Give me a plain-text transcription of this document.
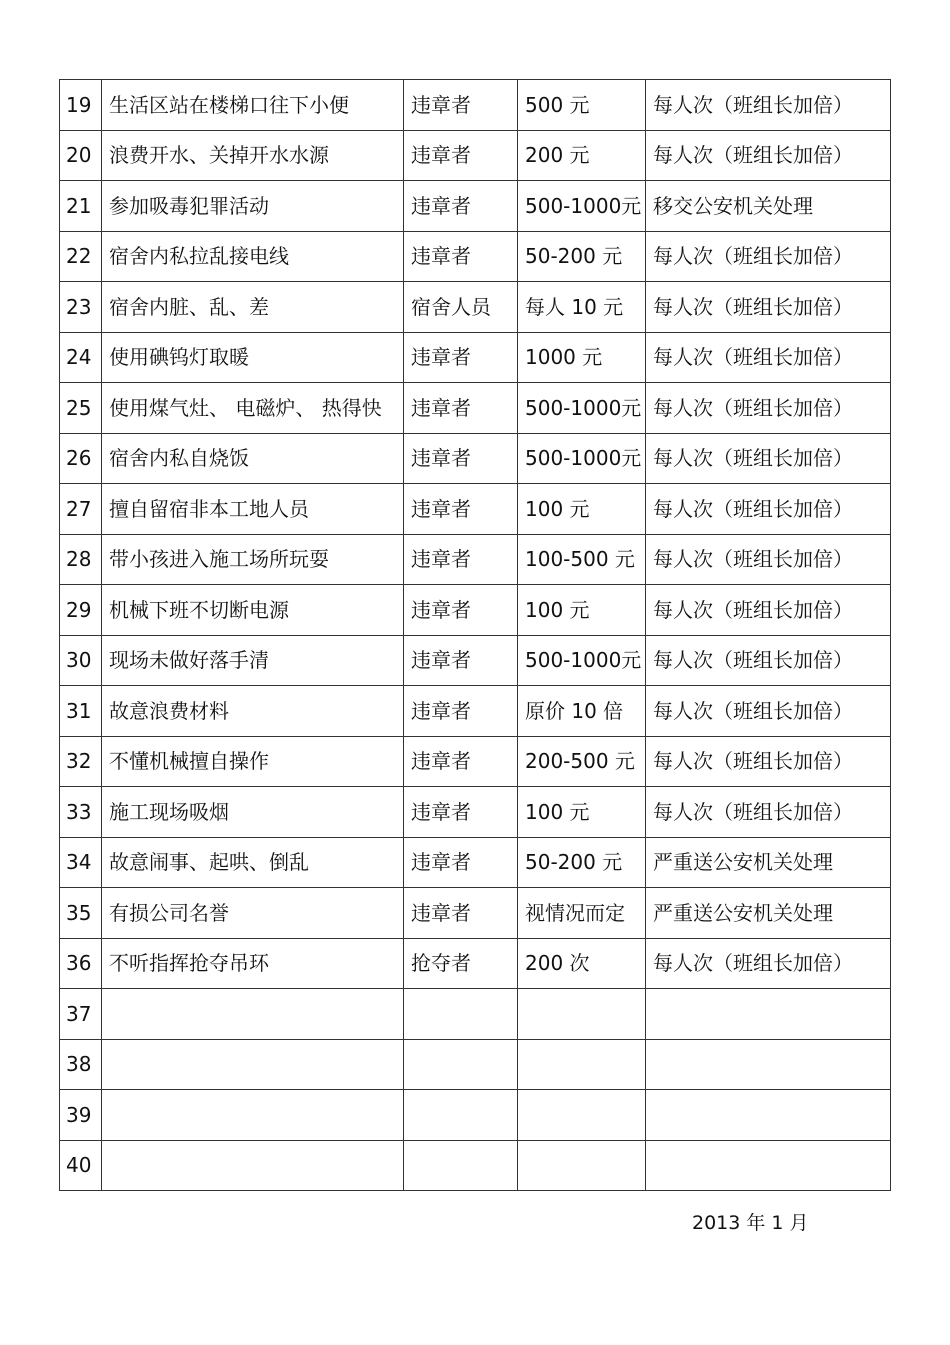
19	生活区站在楼梯口往下小便	违章者	500 元	每人次（班组长加倍）
20	浪费开水、关掉开水水源	违章者	200 元	每人次（班组长加倍）
21	参加吸毒犯罪活动	违章者	500-1000元	移交公安机关处理
22	宿舍内私拉乱接电线	违章者	50-200 元	每人次（班组长加倍）
23	宿舍内脏、乱、差	宿舍人员	每人 10 元	每人次（班组长加倍）
24	使用碘钨灯取暖	违章者	1000 元	每人次（班组长加倍）
25	使用煤气灶、 电磁炉、 热得快	违章者	500-1000元	每人次（班组长加倍）
26	宿舍内私自烧饭	违章者	500-1000元	每人次（班组长加倍）
27	擅自留宿非本工地人员	违章者	100 元	每人次（班组长加倍）
28	带小孩进入施工场所玩耍	违章者	100-500 元	每人次（班组长加倍）
29	机械下班不切断电源	违章者	100 元	每人次（班组长加倍）
30	现场未做好落手清	违章者	500-1000元	每人次（班组长加倍）
31	故意浪费材料	违章者	原价 10 倍	每人次（班组长加倍）
32	不懂机械擅自操作	违章者	200-500 元	每人次（班组长加倍）
33	施工现场吸烟	违章者	100 元	每人次（班组长加倍）
34	故意闹事、起哄、倒乱	违章者	50-200 元	严重送公安机关处理
35	有损公司名誉	违章者	视情况而定	严重送公安机关处理
36	不听指挥抢夺吊环	抢夺者	200 次	每人次（班组长加倍）
37				
38				
39				
40				
2013 年 1 月
